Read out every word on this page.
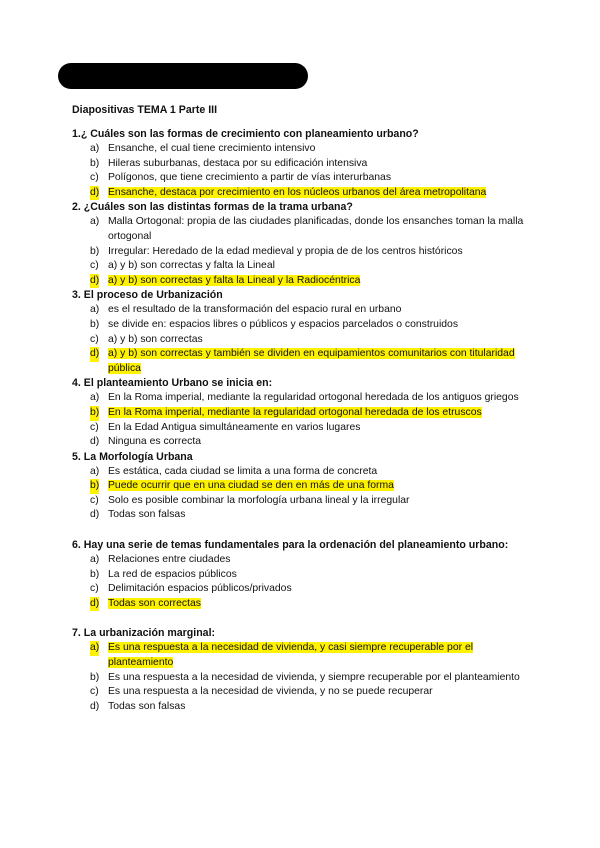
Diapositivas TEMA 1 Parte III

1.¿ Cuáles son las formas de crecimiento con planeamiento urbano?

a) Ensanche, el cual tiene crecimiento intensivo
b) Hileras suburbanas, destaca por su edificación intensiva
c) Polígonos, que tiene crecimiento a partir de vías interurbanas
d) Ensanche, destaca por crecimiento en los núcleos urbanos del área metropolitana

2. ¿Cuáles son las distintas formas de la trama urbana?

a) Malla Ortogonal: propia de las ciudades planificadas, donde los ensanches toman la malla ortogonal
b) Irregular: Heredado de la edad medieval y propia de de los centros históricos
c) a) y b) son correctas y falta la Lineal
d) a) y b) son correctas y falta la Lineal y la Radiocéntrica

3. El proceso de Urbanización

a) es el resultado de la transformación del espacio rural en urbano
b) se divide en: espacios libres o públicos y espacios parcelados o construidos
c) a) y b) son correctas
d) a) y b) son correctas y también se dividen en equipamientos comunitarios con titularidad pública

4. El planteamiento Urbano se inicia en:

a) En la Roma imperial, mediante la regularidad ortogonal heredada de los antiguos griegos
b) En la Roma imperial, mediante la regularidad ortogonal heredada de los etruscos
c) En la Edad Antigua simultáneamente en varios lugares
d) Ninguna es correcta

5. La Morfología Urbana

a) Es estática, cada ciudad se limita a una forma de concreta
b) Puede ocurrir que en una ciudad se den en más de una forma
c) Solo es posible combinar la morfología urbana lineal y la irregular
d) Todas son falsas

6. Hay una serie de temas fundamentales para la ordenación del planeamiento urbano:

a) Relaciones entre ciudades
b) La red de espacios públicos
c) Delimitación espacios públicos/privados
d) Todas son correctas

7. La urbanización marginal:

a) Es una respuesta a la necesidad de vivienda, y casi siempre recuperable por el planteamiento
b) Es una respuesta a la necesidad de vivienda, y siempre recuperable por el planteamiento
c) Es una respuesta a la necesidad de vivienda, y no se puede recuperar
d) Todas son falsas
